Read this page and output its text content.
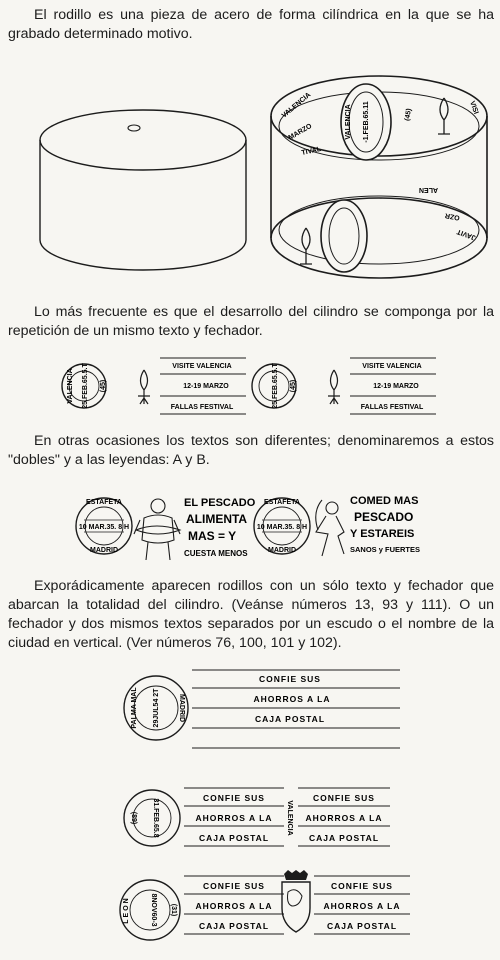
El rodillo es una pieza de acero de forma cilíndrica en la que se ha grabado determinado motivo.

-1.FEB.65.11
VALENCIA	(45)
VALENCIA
MARZO
TIVAL
VISI
ALEN
OZR
JAVIT

Lo más frecuente es que el desarrollo del cilindro se componga por la repetición de un mismo texto y fechador.

25.FEB.65.5.T
VALENCIA	(45)
VISITE VALENCIA
12-19 MARZO
FALLAS FESTIVAL	25.FEB.65.5.T (45)
VISITE VALENCIA
12-19 MARZO
FALLAS FESTIVAL

En otras ocasiones los textos son diferentes; denominaremos a estos "dobles" y a las leyendas: A y B.

ESTAFETA
10 MAR.35. 8 H
MADRID
EL PESCADO
ALIMENTA
MAS = Y
CUESTA MENOS
ESTAFETA
10 MAR.35. 8 H
MADRID
COMED MAS
PESCADO
Y ESTAREIS
SANOS y FUERTES

Exporádicamente aparecen rodillos con un sólo texto y fechador que abarcan la totalidad del cilindro. (Veánse números 13, 93 y 111). O un fechador y dos mismos textos separados por un escudo o el nombre de la ciudad en vertical. (Ver números 76, 100, 101 y 102).

PALMA MAL 29JUL54 2T	MADRID
CONFIE SUS
AHORROS A LA
CAJA POSTAL
31.FEB.65.8
(89)
CONFIE SUS
AHORROS A LA
CAJA POSTAL
VALENCIA
CONFIE SUS
AHORROS A LA
CAJA POSTAL
LEON	8NOV60-3 (31)
CONFIE SUS
AHORROS A LA
CAJA POSTAL
CONFIE SUS
AHORROS A LA
CAJA POSTAL
